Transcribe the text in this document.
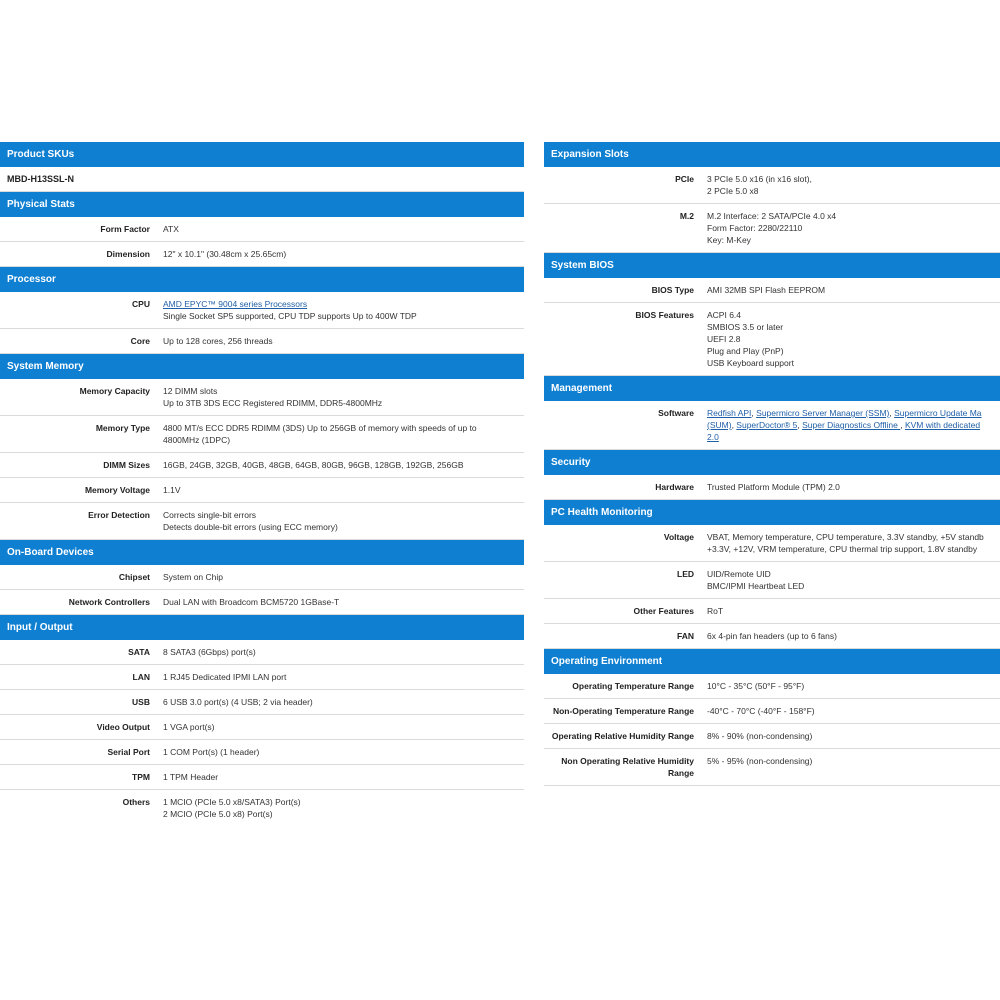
Product SKUs
MBD-H13SSL-N
Physical Stats
Form Factor ATX
Dimension 12" x 10.1" (30.48cm x 25.65cm)
Processor
CPU AMD EPYC™ 9004 series Processors
Single Socket SP5 supported, CPU TDP supports Up to 400W TDP
Core Up to 128 cores, 256 threads
System Memory
Memory Capacity 12 DIMM slots
Up to 3TB 3DS ECC Registered RDIMM, DDR5-4800MHz
Memory Type 4800 MT/s ECC DDR5 RDIMM (3DS) Up to 256GB of memory with speeds of up to
4800MHz (1DPC)
DIMM Sizes 16GB, 24GB, 32GB, 40GB, 48GB, 64GB, 80GB, 96GB, 128GB, 192GB, 256GB
Memory Voltage 1.1V
Error Detection Corrects single-bit errors
Detects double-bit errors (using ECC memory)
On-Board Devices
Chipset System on Chip
Network Controllers Dual LAN with Broadcom BCM5720 1GBase-T
Input / Output
SATA 8 SATA3 (6Gbps) port(s)
LAN 1 RJ45 Dedicated IPMI LAN port
USB 6 USB 3.0 port(s) (4 USB; 2 via header)
Video Output 1 VGA port(s)
Serial Port 1 COM Port(s) (1 header)
TPM 1 TPM Header
Others 1 MCIO (PCIe 5.0 x8/SATA3) Port(s)
2 MCIO (PCIe 5.0 x8) Port(s)
Expansion Slots
PCIe 3 PCIe 5.0 x16 (in x16 slot),
2 PCIe 5.0 x8
M.2 M.2 Interface: 2 SATA/PCIe 4.0 x4
Form Factor: 2280/22110
Key: M-Key
System BIOS
BIOS Type AMI 32MB SPI Flash EEPROM
BIOS Features ACPI 6.4
SMBIOS 3.5 or later
UEFI 2.8
Plug and Play (PnP)
USB Keyboard support
Management
Software Redfish API, Supermicro Server Manager (SSM), Supermicro Update Ma
(SUM), SuperDoctor® 5, Super Diagnostics Offline , KVM with dedicated
2.0
Security
Hardware Trusted Platform Module (TPM) 2.0
PC Health Monitoring
Voltage VBAT, Memory temperature, CPU temperature, 3.3V standby, +5V standb
+3.3V, +12V, VRM temperature, CPU thermal trip support, 1.8V standby
LED UID/Remote UID
BMC/IPMI Heartbeat LED
Other Features RoT
FAN 6x 4-pin fan headers (up to 6 fans)
Operating Environment
Operating Temperature Range 10°C - 35°C (50°F - 95°F)
Non-Operating Temperature Range -40°C - 70°C (-40°F - 158°F)
Operating Relative Humidity Range 8% - 90% (non-condensing)
Non Operating Relative Humidity Range
5% - 95% (non-condensing)
